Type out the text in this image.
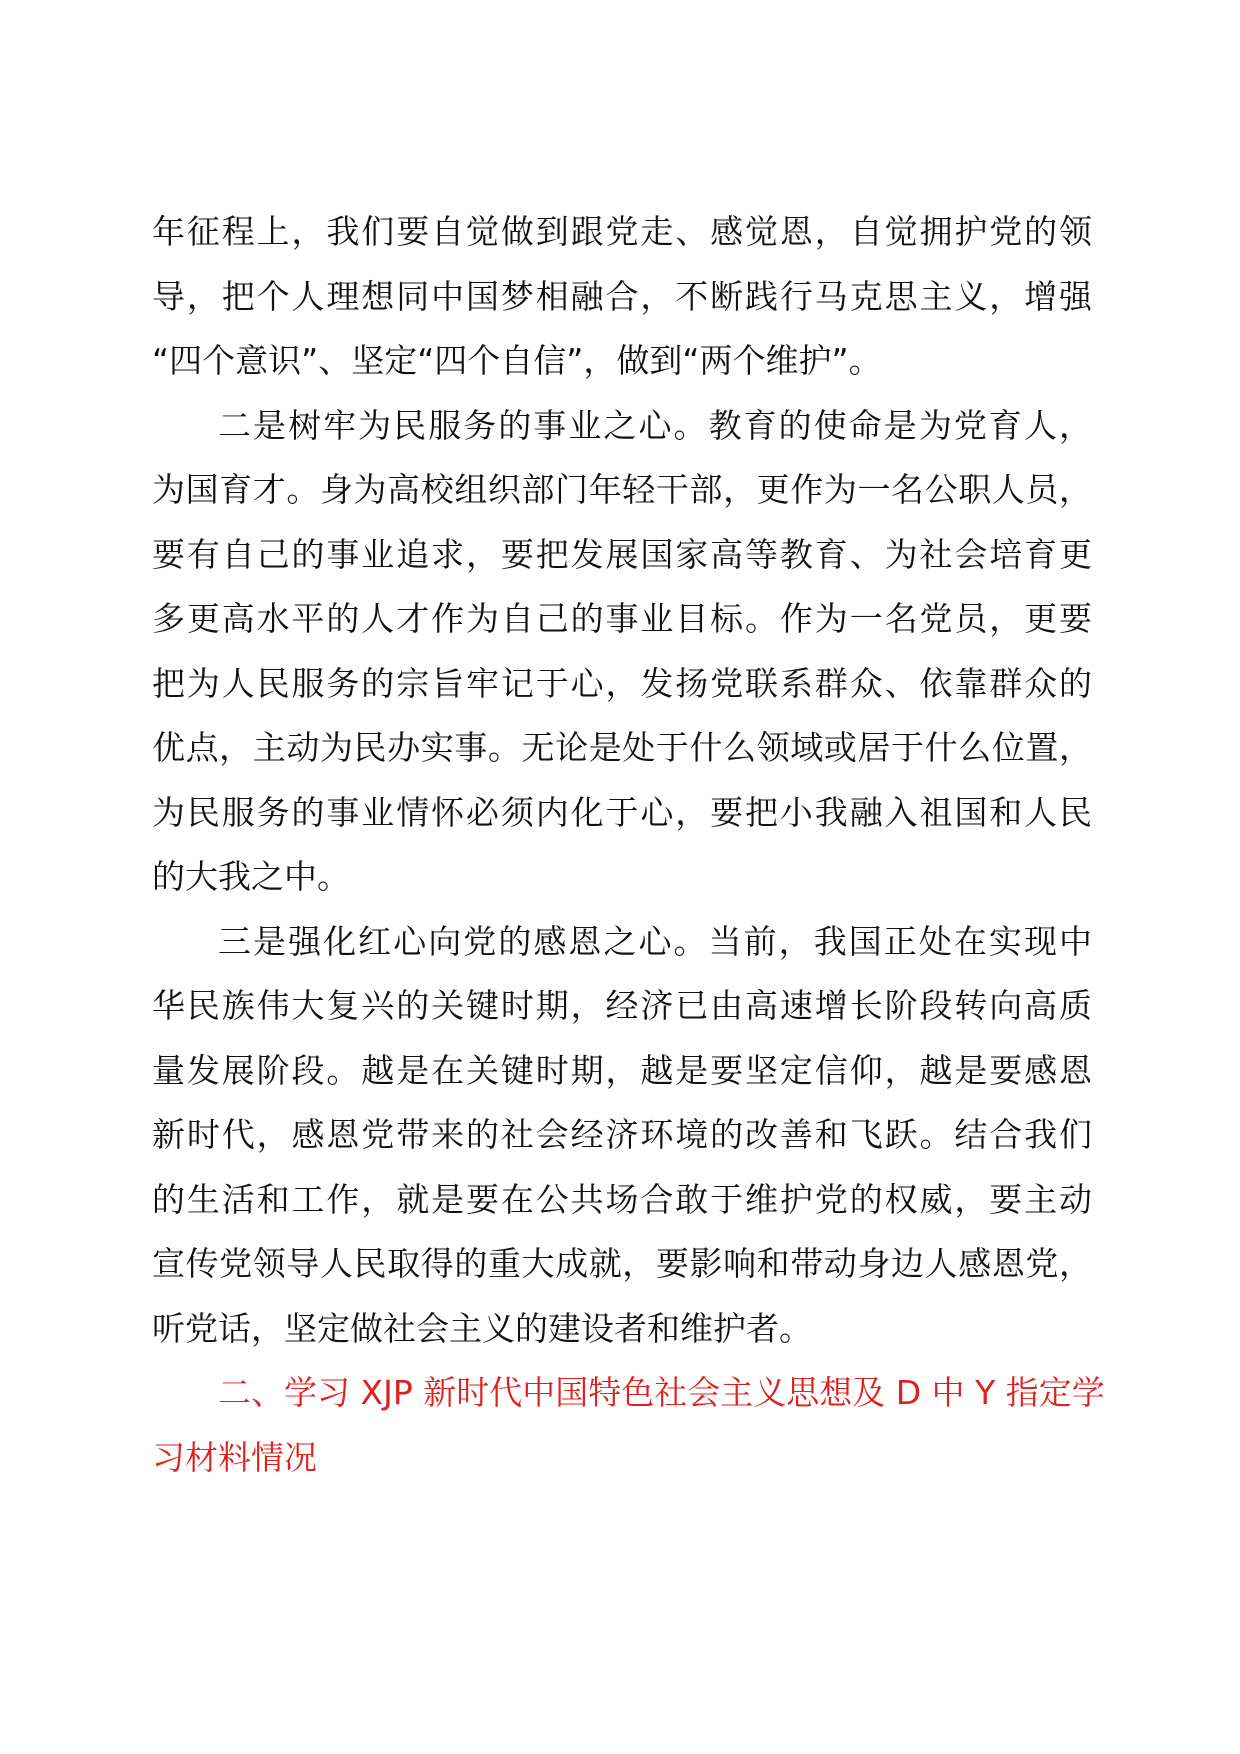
年征程上，我们要自觉做到跟党走、感觉恩，自觉拥护党的领
导，把个人理想同中国梦相融合，不断践行马克思主义，增强
“四个意识”、坚定“四个自信”，做到“两个维护”。
二是树牢为民服务的事业之心。教育的使命是为党育人，
为国育才。身为高校组织部门年轻干部，更作为一名公职人员，
要有自己的事业追求，要把发展国家高等教育、为社会培育更
多更高水平的人才作为自己的事业目标。作为一名党员，更要
把为人民服务的宗旨牢记于心，发扬党联系群众、依靠群众的
优点，主动为民办实事。无论是处于什么领域或居于什么位置，
为民服务的事业情怀必须内化于心，要把小我融入祖国和人民
的大我之中。
三是强化红心向党的感恩之心。当前，我国正处在实现中
华民族伟大复兴的关键时期，经济已由高速增长阶段转向高质
量发展阶段。越是在关键时期，越是要坚定信仰，越是要感恩
新时代，感恩党带来的社会经济环境的改善和飞跃。结合我们
的生活和工作，就是要在公共场合敢于维护党的权威，要主动
宣传党领导人民取得的重大成就，要影响和带动身边人感恩党，
听党话，坚定做社会主义的建设者和维护者。
二、学习 XJP 新时代中国特色社会主义思想及 D 中 Y 指定学
习材料情况
